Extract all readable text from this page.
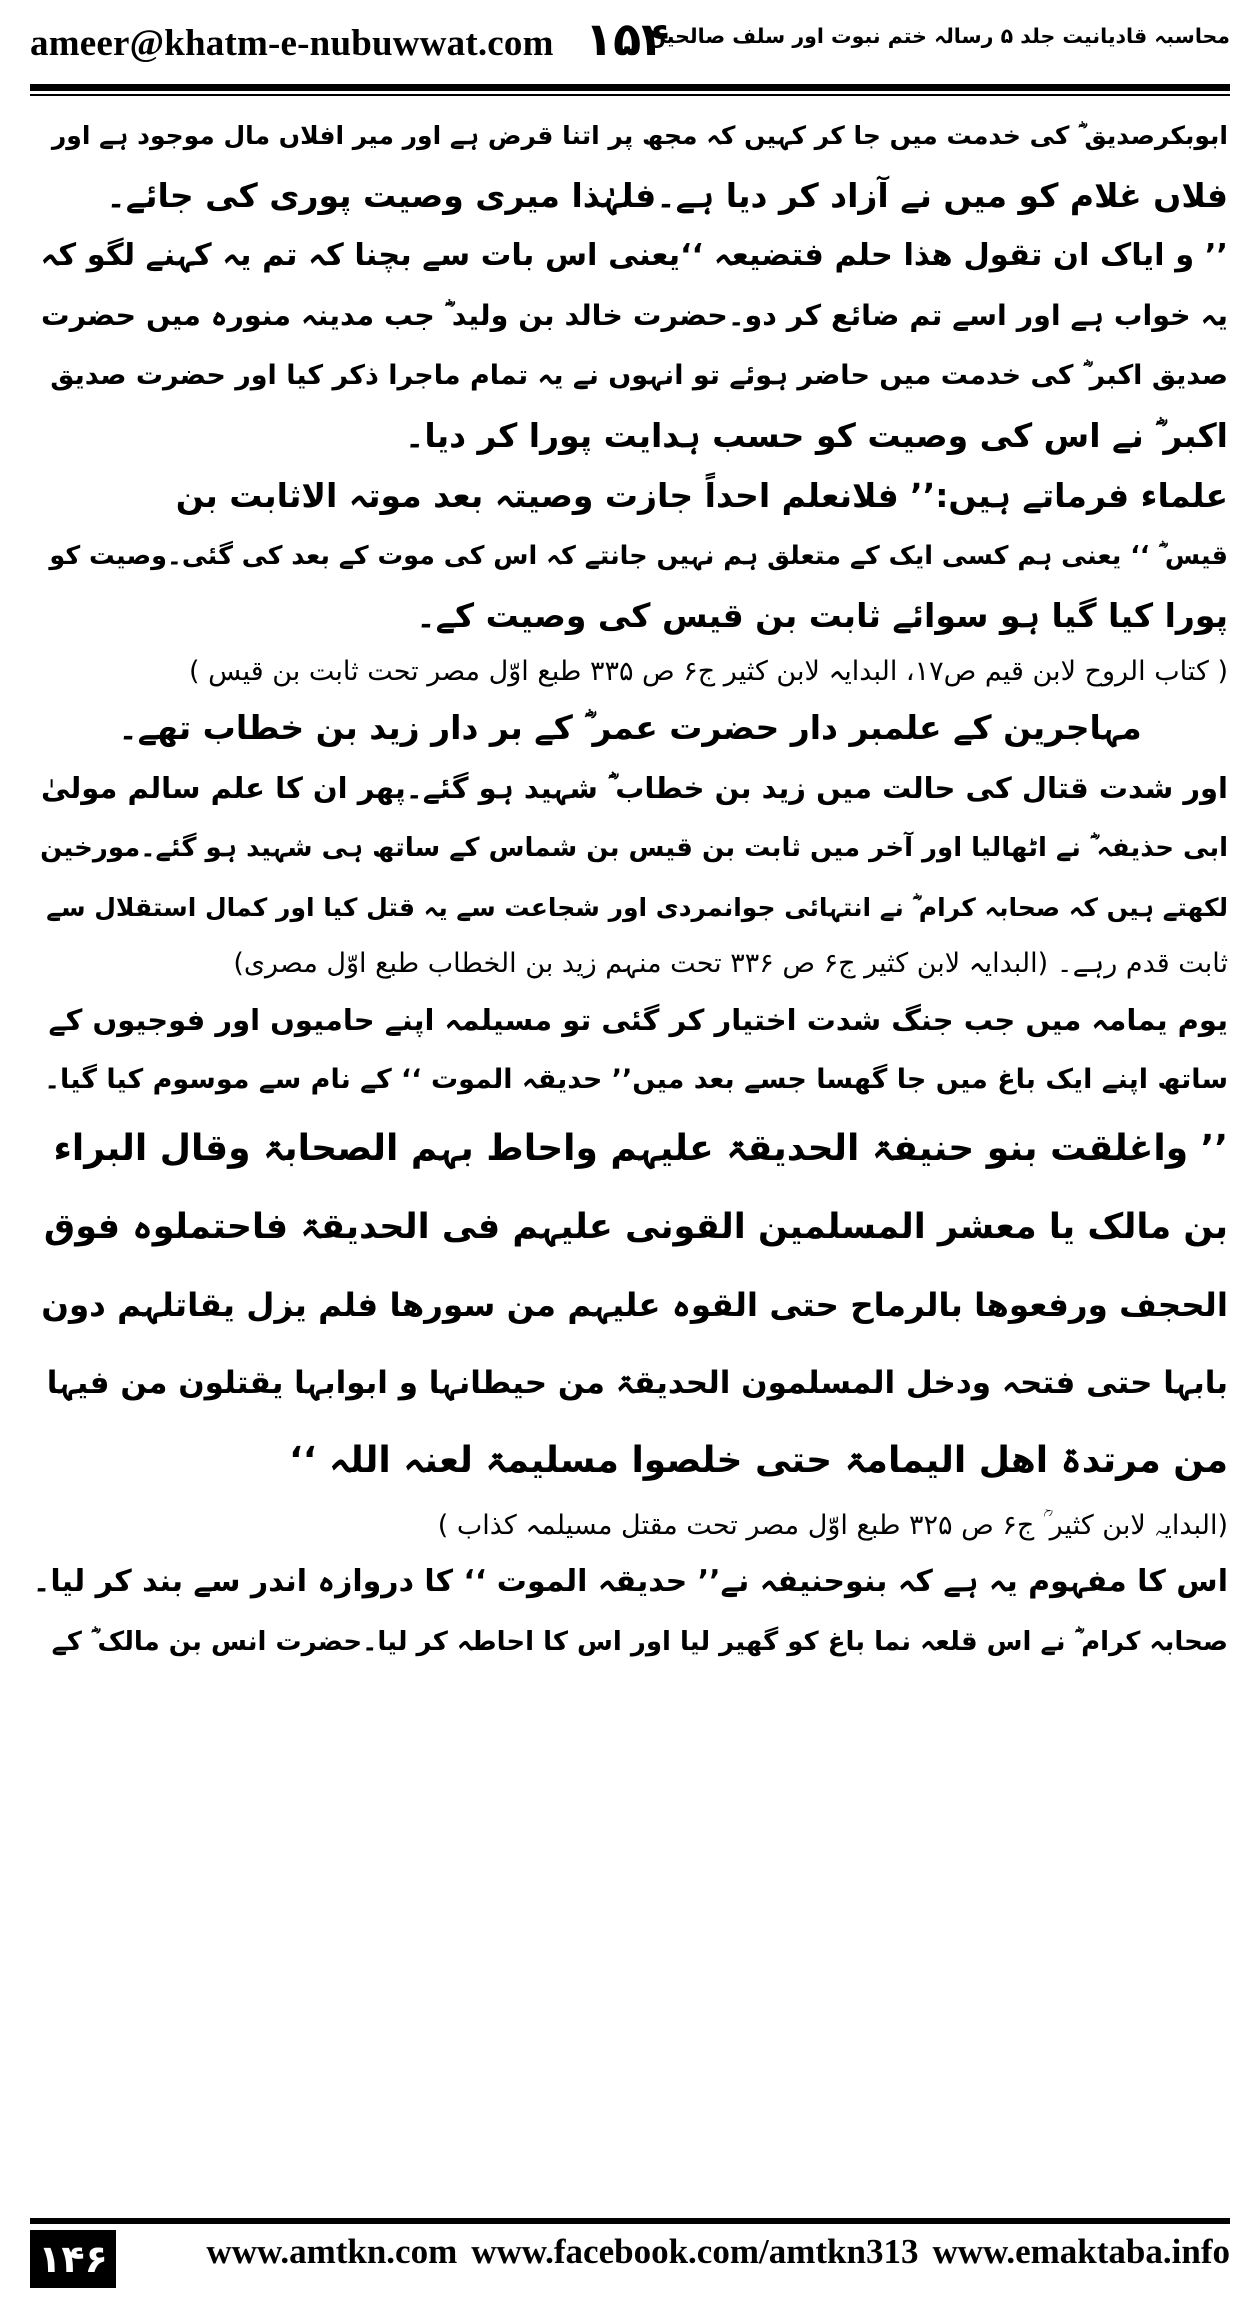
ameer@khatm-e-nubuwwat.com ۱۵۴
محاسبہ قادیانیت جلد ۵ رسالہ ختم نبوت اور سلف صالحین
ابوبکرصدیق ؓ کی خدمت میں جا کر کہیں کہ مجھ پر اتنا قرض ہے اور میر افلاں مال موجود ہے اور
فلاں غلام کو میں نے آزاد کر دیا ہے۔فلہٰذا میری وصیت پوری کی جائے۔
’’ و ایاک ان تقول ھذا حلم فتضیعہ ‘‘یعنی اس بات سے بچنا کہ تم یہ کہنے لگو کہ
یہ خواب ہے اور اسے تم ضائع کر دو۔حضرت خالد بن ولید ؓ جب مدینہ منورہ میں حضرت
صدیق اکبر ؓ کی خدمت میں حاضر ہوئے تو انہوں نے یہ تمام ماجرا ذکر کیا اور حضرت صدیق
اکبر ؓ نے اس کی وصیت کو حسب ہدایت پورا کر دیا۔
علماء فرماتے ہیں:’’ فلانعلم احداً جازت وصیتہ بعد موتہ الاثابت بن
قیس ؓ ‘‘ یعنی ہم کسی ایک کے متعلق ہم نہیں جانتے کہ اس کی موت کے بعد کی گئی۔وصیت کو
پورا کیا گیا ہو سوائے ثابت بن قیس کی وصیت کے۔
( کتاب الروح لابن قیم ص۱۷، البدایہ لابن کثیر ج۶ ص ۳۳۵ طبع اوّل مصر تحت ثابت بن قیس )
مہاجرین کے علمبر دار حضرت عمر ؓ کے بر دار زید بن خطاب تھے۔
اور شدت قتال کی حالت میں زید بن خطاب ؓ شہید ہو گئے۔پھر ان کا علم سالم مولیٰ
ابی حذیفہ ؓ نے اٹھالیا اور آخر میں ثابت بن قیس بن شماس کے ساتھ ہی شہید ہو گئے۔مورخین
لکھتے ہیں کہ صحابہ کرام ؓ نے انتہائی جوانمردی اور شجاعت سے یہ قتل کیا اور کمال استقلال سے
ثابت قدم رہے۔ (البدایہ لابن کثیر ج۶ ص ۳۳۶ تحت منہم زید بن الخطاب طبع اوّل مصری)
یوم یمامہ میں جب جنگ شدت اختیار کر گئی تو مسیلمہ اپنے حامیوں اور فوجیوں کے
ساتھ اپنے ایک باغ میں جا گھسا جسے بعد میں’’ حدیقہ الموت ‘‘ کے نام سے موسوم کیا گیا۔
’’ واغلقت بنو حنیفۃ الحدیقۃ علیہم واحاط بہم الصحابۃ وقال البراء
بن مالک یا معشر المسلمین القونی علیہم فی الحدیقۃ فاحتملوہ فوق
الحجف ورفعوھا بالرماح حتی القوہ علیہم من سورھا فلم یزل یقاتلہم دون
بابہا حتی فتحہ ودخل المسلمون الحدیقۃ من حیطانہا و ابوابہا یقتلون من فیہا
من مرتدۃ اھل الیمامۃ حتی خلصوا مسلیمۃ لعنہ اللہ ‘‘
(البدایہ لابن کثیر ؒ ج۶ ص ۳۲۵ طبع اوّل مصر تحت مقتل مسیلمہ کذاب )
اس کا مفہوم یہ ہے کہ بنوحنیفہ نے’’ حدیقہ الموت ‘‘ کا دروازہ اندر سے بند کر لیا۔
صحابہ کرام ؓ نے اس قلعہ نما باغ کو گھیر لیا اور اس کا احاطہ کر لیا۔حضرت انس بن مالک ؓ کے
۱۴۶	www.amtkn.com www.facebook.com/amtkn313 www.emaktaba.info
